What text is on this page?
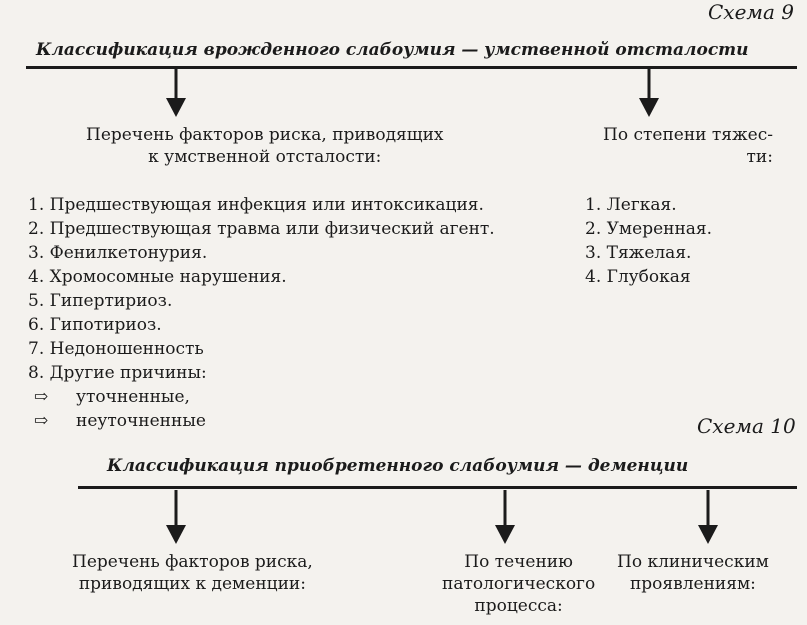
Схема 9
Классификация врожденного слабоумия — умственной отсталости
Перечень факторов риска, приводящих
к умственной отсталости:
По степени тяжес-
ти:
1. Предшествующая инфекция или интоксикация.
2. Предшествующая травма или физический агент.
3. Фенилкетонурия.
4. Хромосомные нарушения.
5. Гипертириоз.
6. Гипотириоз.
7. Недоношенность
8. Другие причины:
⇨ уточненные,
⇨ неуточненные
1. Легкая.
2. Умеренная.
3. Тяжелая.
4. Глубокая
Схема 10
Классификация приобретенного слабоумия — деменции
Перечень факторов риска,
приводящих к деменции:
По течению
патологического
процесса:
По клиническим
проявлениям:
